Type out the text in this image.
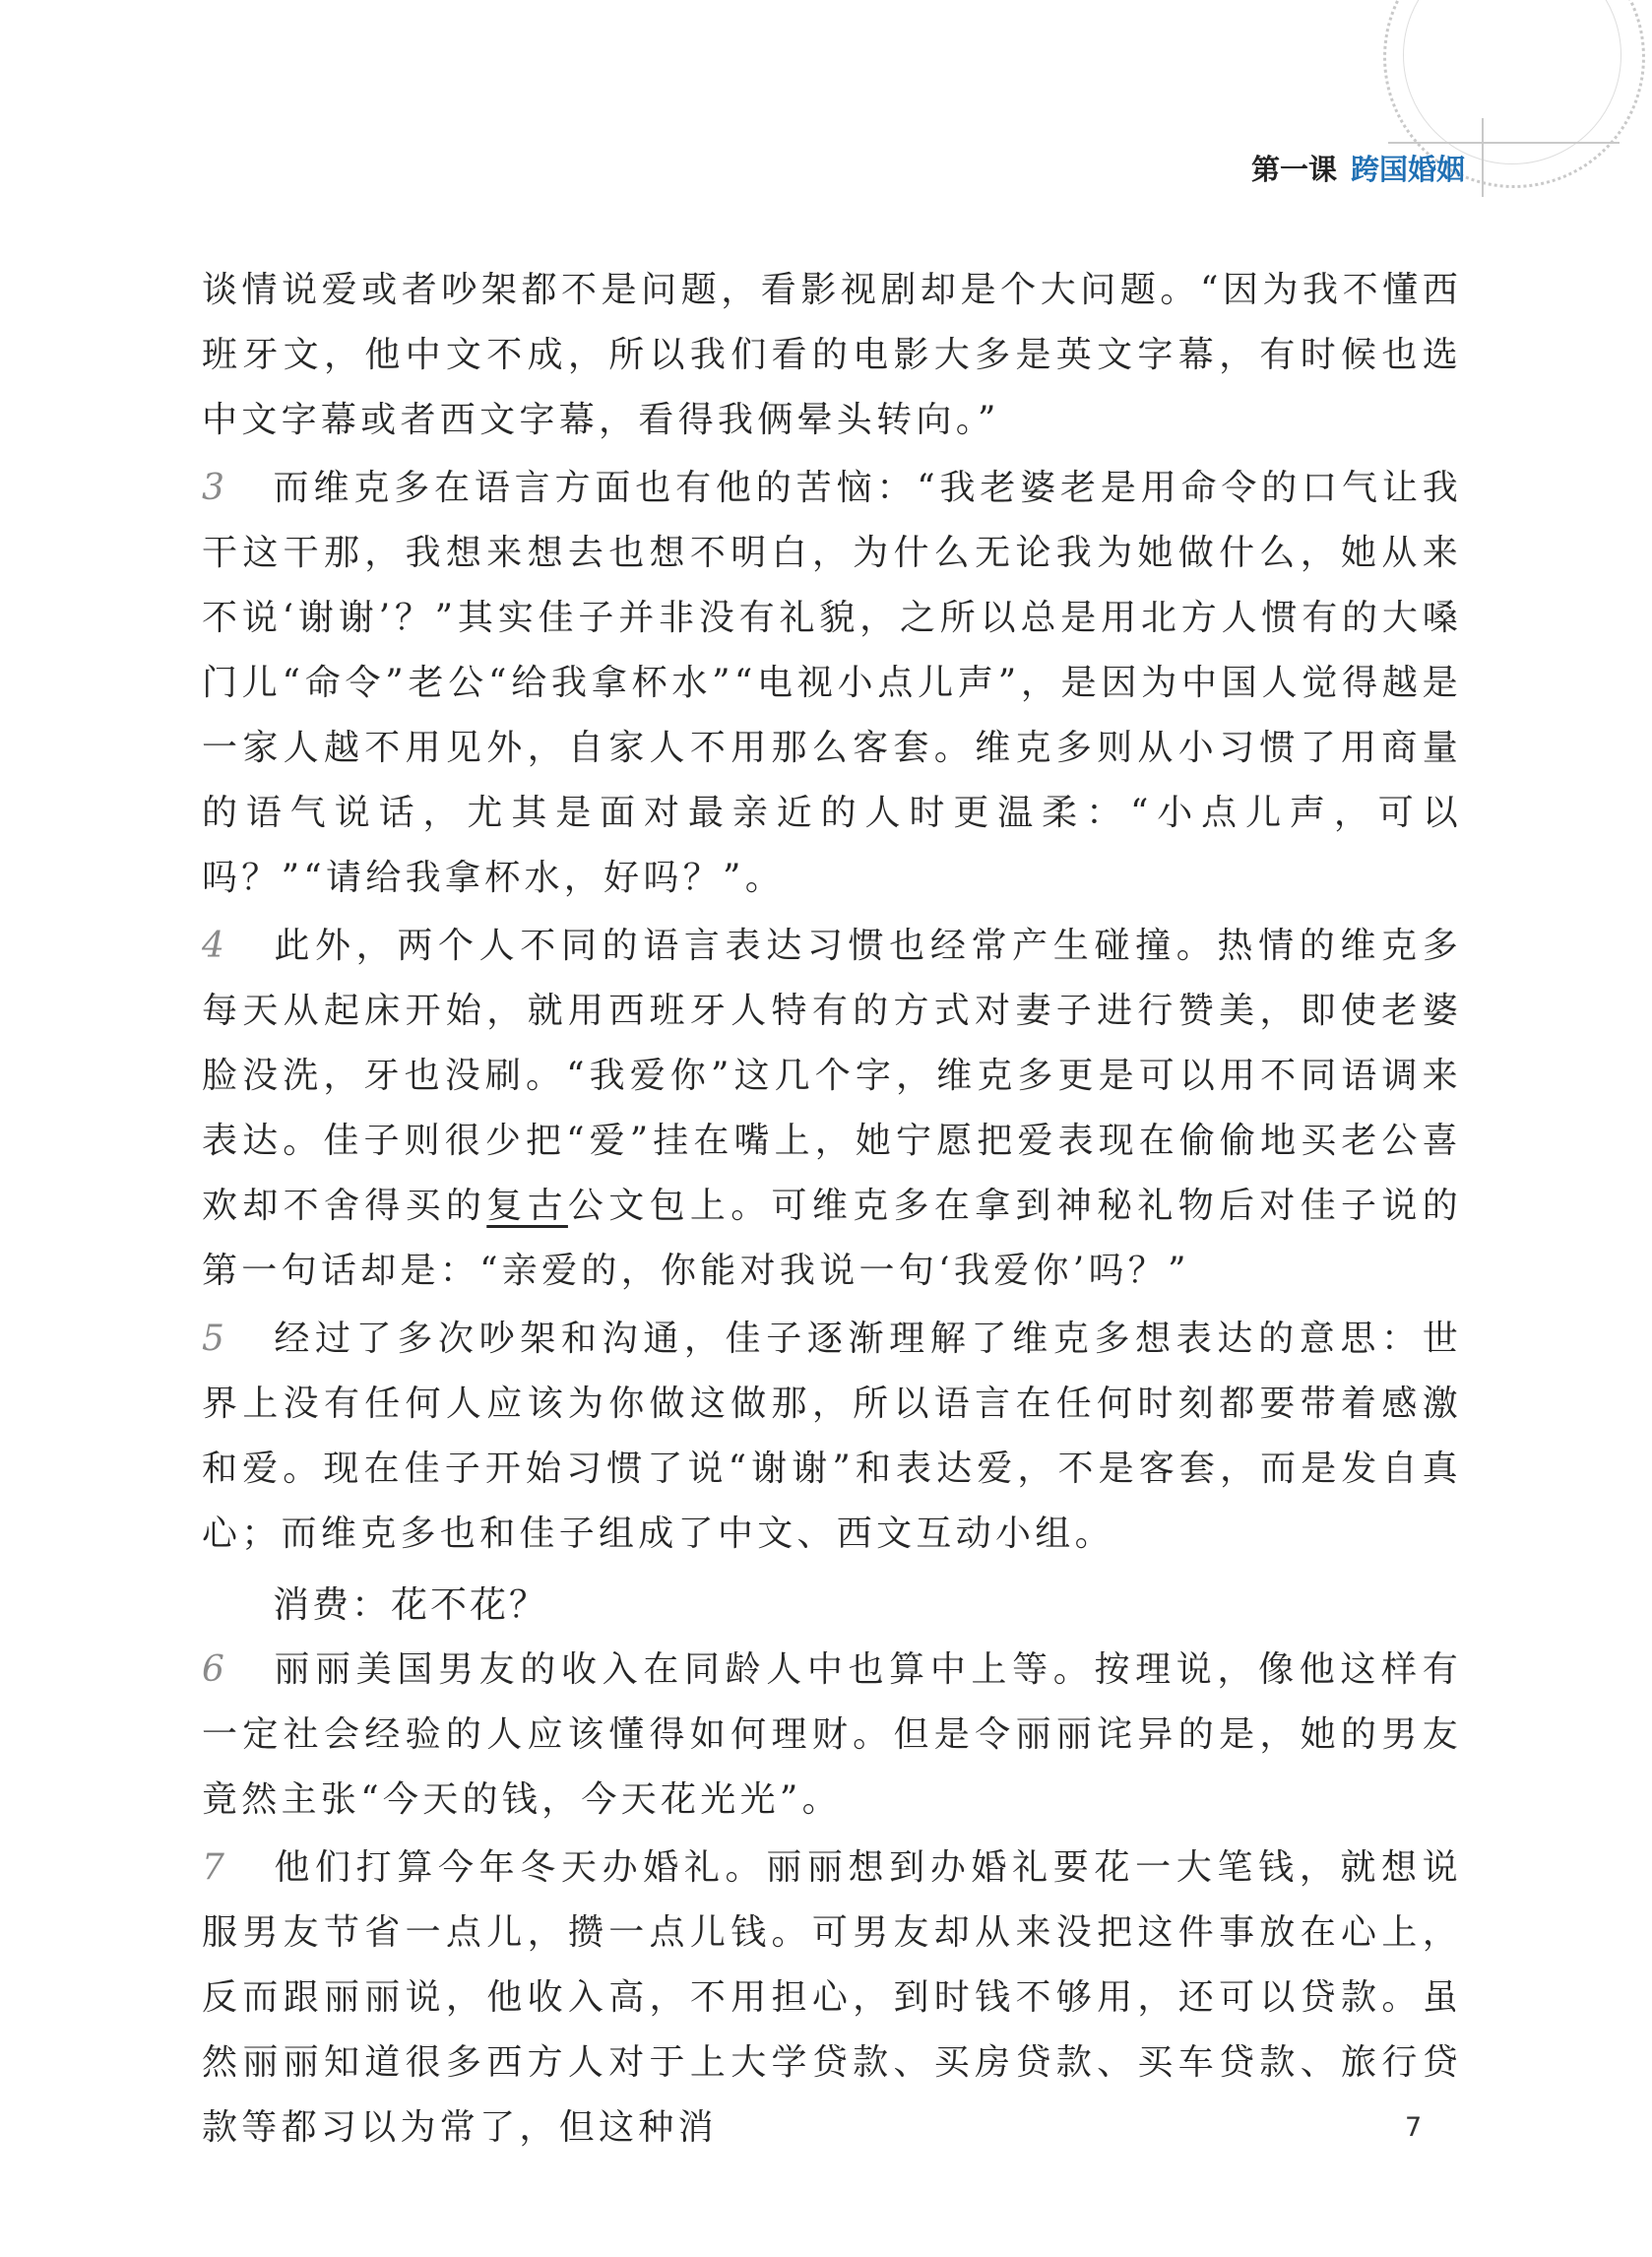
第一课 跨国婚姻

谈情说爱或者吵架都不是问题，看影视剧却是个大问题。“因为我不懂西班牙文，他中文不成，所以我们看的电影大多是英文字幕，有时候也选中文字幕或者西文字幕，看得我俩晕头转向。”

3 而维克多在语言方面也有他的苦恼：“我老婆老是用命令的口气让我干这干那，我想来想去也想不明白，为什么无论我为她做什么，她从来不说‘谢谢’？”其实佳子并非没有礼貌，之所以总是用北方人惯有的大嗓门儿“命令”老公“给我拿杯水”“电视小点儿声”，是因为中国人觉得越是一家人越不用见外，自家人不用那么客套。维克多则从小习惯了用商量的语气说话，尤其是面对最亲近的人时更温柔：“小点儿声，可以吗？”“请给我拿杯水，好吗？”。

4 此外，两个人不同的语言表达习惯也经常产生碰撞。热情的维克多每天从起床开始，就用西班牙人特有的方式对妻子进行赞美，即使老婆脸没洗，牙也没刷。“我爱你”这几个字，维克多更是可以用不同语调来表达。佳子则很少把“爱”挂在嘴上，她宁愿把爱表现在偷偷地买老公喜欢却不舍得买的复古公文包上。可维克多在拿到神秘礼物后对佳子说的第一句话却是：“亲爱的，你能对我说一句‘我爱你’吗？”

5 经过了多次吵架和沟通，佳子逐渐理解了维克多想表达的意思：世界上没有任何人应该为你做这做那，所以语言在任何时刻都要带着感激和爱。现在佳子开始习惯了说“谢谢”和表达爱，不是客套，而是发自真心；而维克多也和佳子组成了中文、西文互动小组。

消费：花不花？

6 丽丽美国男友的收入在同龄人中也算中上等。按理说，像他这样有一定社会经验的人应该懂得如何理财。但是令丽丽诧异的是，她的男友竟然主张“今天的钱，今天花光光”。

7 他们打算今年冬天办婚礼。丽丽想到办婚礼要花一大笔钱，就想说服男友节省一点儿，攒一点儿钱。可男友却从来没把这件事放在心上，反而跟丽丽说，他收入高，不用担心，到时钱不够用，还可以贷款。虽然丽丽知道很多西方人对于上大学贷款、买房贷款、买车贷款、旅行贷款等都习以为常了，但这种消	7
